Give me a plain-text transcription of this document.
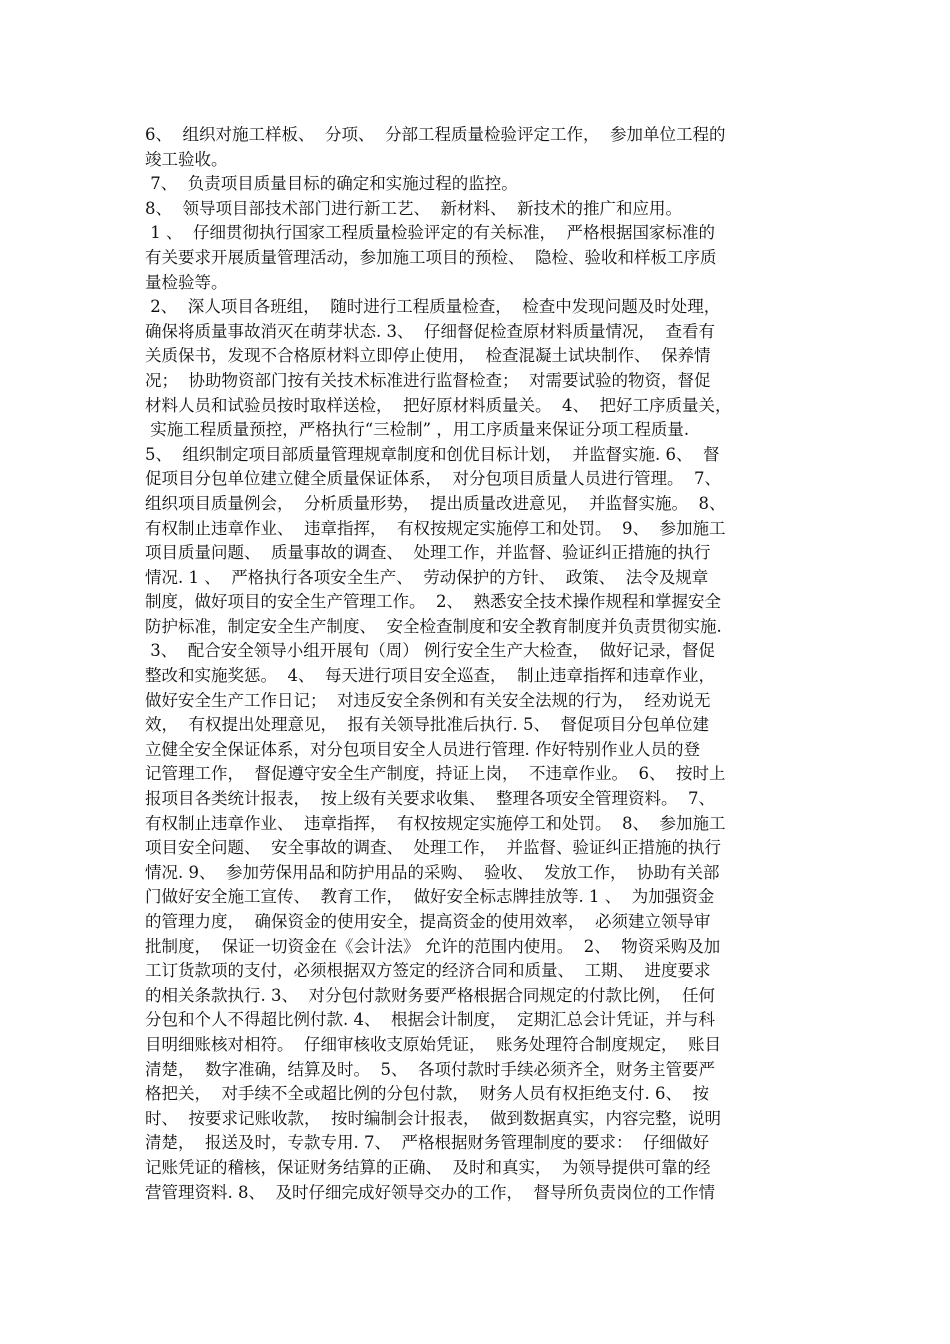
6、  组织对施工样板、  分项、  分部工程质量检验评定工作，  参加单位工程的
竣工验收。
7、  负责项目质量目标的确定和实施过程的监控。
8、  领导项目部技术部门进行新工艺、  新材料、  新技术的推广和应用。
1 、  仔细贯彻执行国家工程质量检验评定的有关标准，  严格根据国家标准的
有关要求开展质量管理活动，参加施工项目的预检、  隐检、验收和样板工序质
量检验等。
2、  深人项目各班组，  随时进行工程质量检查，  检查中发现问题及时处理，
确保将质量事故消灭在萌芽状态. 3、  仔细督促检查原材料质量情况，  查看有
关质保书，发现不合格原材料立即停止使用，  检查混凝土试块制作、  保养情
况；  协助物资部门按有关技术标准进行监督检查；  对需要试验的物资，督促
材料人员和试验员按时取样送检，  把好原材料质量关。  4、  把好工序质量关，
实施工程质量预控，严格执行“三检制” ，用工序质量来保证分项工程质量.
5、  组织制定项目部质量管理规章制度和创优目标计划，  并监督实施. 6、  督
促项目分包单位建立健全质量保证体系，  对分包项目质量人员进行管理。  7、
组织项目质量例会，  分析质量形势，  提出质量改进意见，  并监督实施。  8、
有权制止违章作业、  违章指挥，  有权按规定实施停工和处罚。  9、  参加施工
项目质量问题、  质量事故的调查、  处理工作，并监督、验证纠正措施的执行
情况. 1 、  严格执行各项安全生产、  劳动保护的方针、  政策、  法令及规章
制度，做好项目的安全生产管理工作。  2、  熟悉安全技术操作规程和掌握安全
防护标准，制定安全生产制度、  安全检查制度和安全教育制度并负责贯彻实施.
3、  配合安全领导小组开展旬（周） 例行安全生产大检查，  做好记录，督促
整改和实施奖惩。  4、  每天进行项目安全巡查，  制止违章指挥和违章作业，
做好安全生产工作日记；  对违反安全条例和有关安全法规的行为，  经劝说无
效，  有权提出处理意见，  报有关领导批准后执行. 5、  督促项目分包单位建
立健全安全保证体系，对分包项目安全人员进行管理. 作好特别作业人员的登
记管理工作，  督促遵守安全生产制度，持证上岗，  不违章作业。  6、  按时上
报项目各类统计报表，  按上级有关要求收集、  整理各项安全管理资料。  7、
有权制止违章作业、  违章指挥，  有权按规定实施停工和处罚。  8、  参加施工
项目安全问题、  安全事故的调查、  处理工作，  并监督、验证纠正措施的执行
情况. 9、  参加劳保用品和防护用品的采购、  验收、  发放工作，  协助有关部
门做好安全施工宣传、  教育工作，  做好安全标志牌挂放等. 1 、  为加强资金
的管理力度，  确保资金的使用安全，提高资金的使用效率，  必须建立领导审
批制度，  保证一切资金在《会计法》 允许的范围内使用。  2、  物资采购及加
工订货款项的支付，必须根据双方签定的经济合同和质量、  工期、  进度要求
的相关条款执行. 3、  对分包付款财务要严格根据合同规定的付款比例，  任何
分包和个人不得超比例付款. 4、  根据会计制度，  定期汇总会计凭证，并与科
目明细账核对相符。  仔细审核收支原始凭证，  账务处理符合制度规定，  账目
清楚，  数字准确，结算及时。  5、  各项付款时手续必须齐全，财务主管要严
格把关，  对手续不全或超比例的分包付款，  财务人员有权拒绝支付. 6、  按
时、  按要求记账收款，  按时编制会计报表，  做到数据真实，内容完整，说明
清楚，  报送及时，专款专用. 7、  严格根据财务管理制度的要求：  仔细做好
记账凭证的稽核，保证财务结算的正确、  及时和真实，  为领导提供可靠的经
营管理资料. 8、  及时仔细完成好领导交办的工作，  督导所负责岗位的工作情
